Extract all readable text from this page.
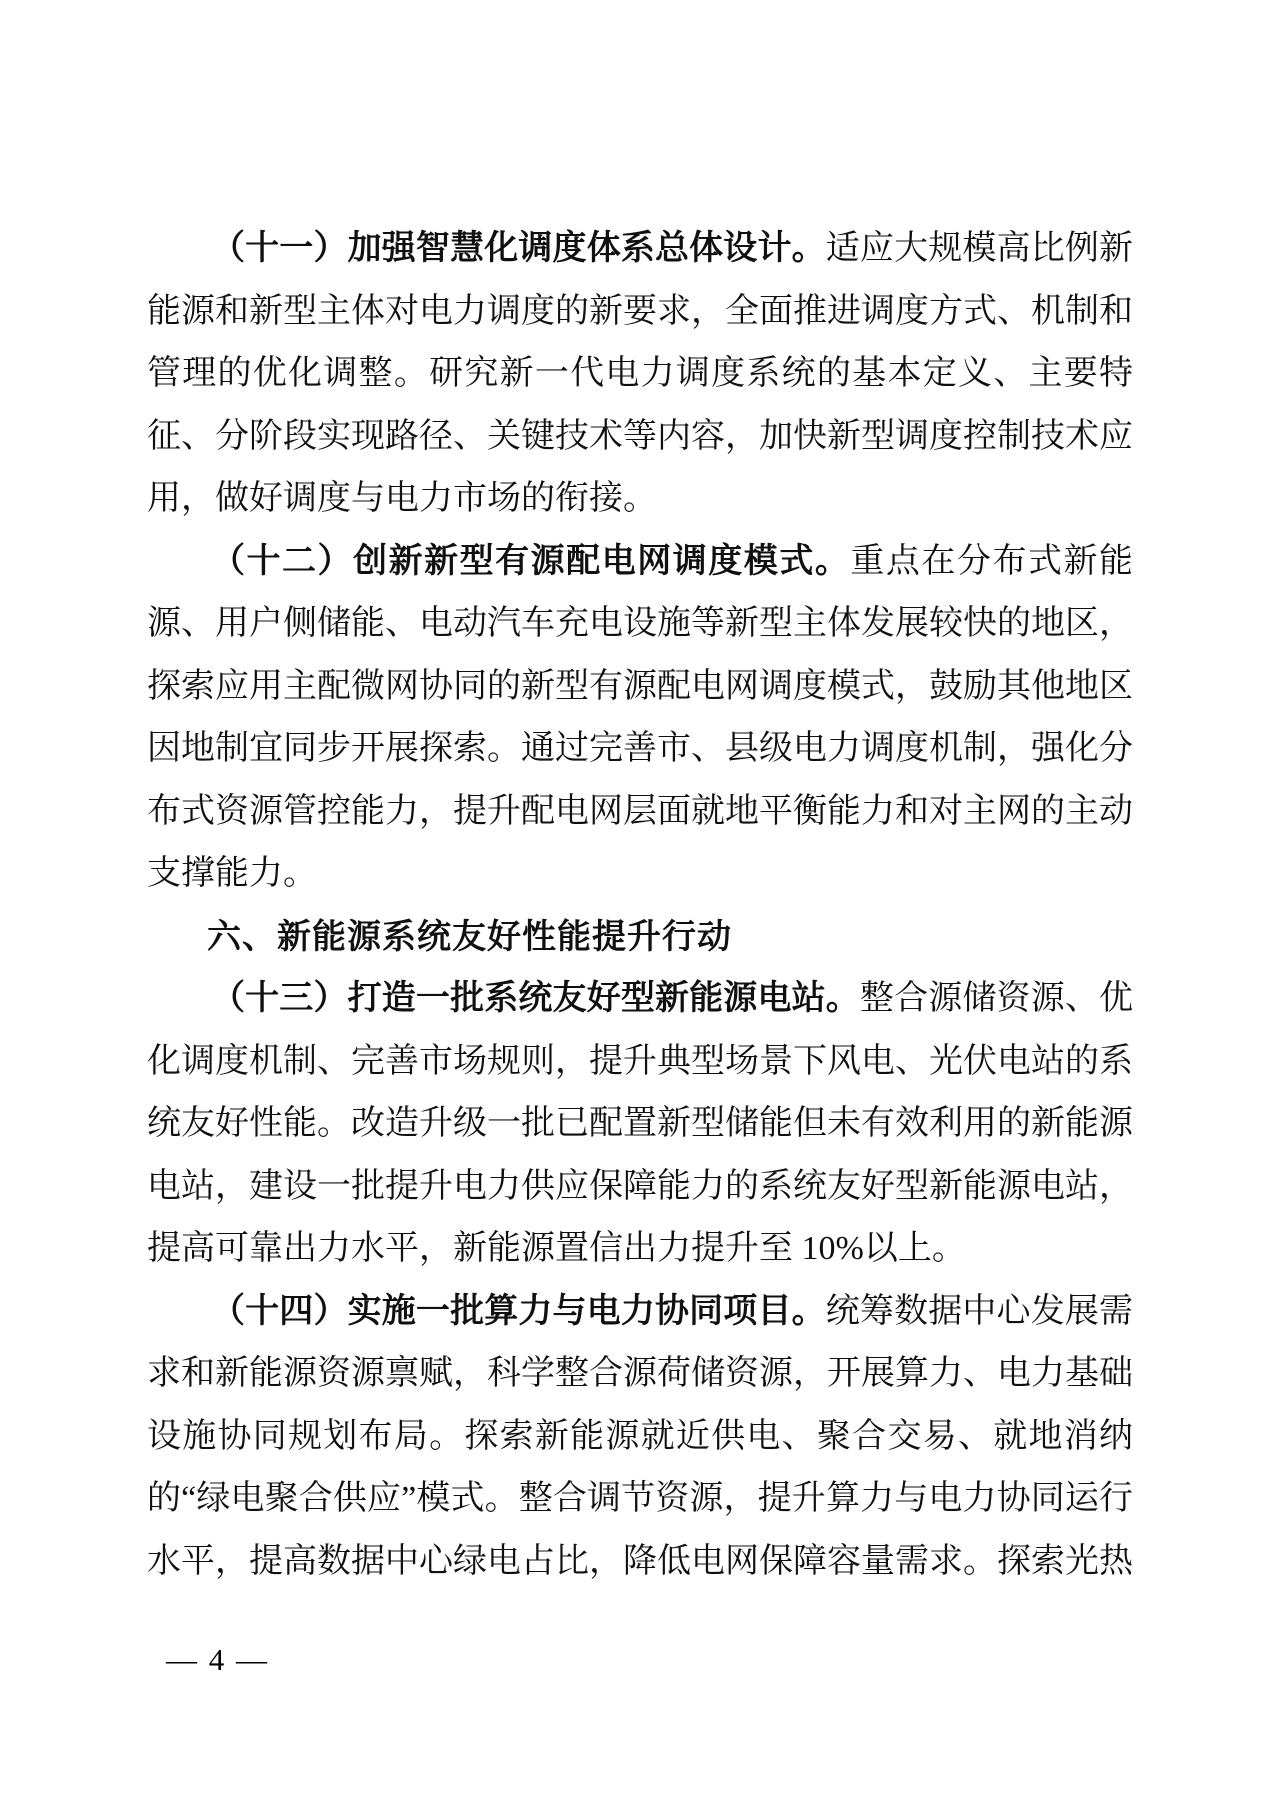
（十一）加强智慧化调度体系总体设计。适应大规模高比例新能源和新型主体对电力调度的新要求，全面推进调度方式、机制和管理的优化调整。研究新一代电力调度系统的基本定义、主要特征、分阶段实现路径、关键技术等内容，加快新型调度控制技术应用，做好调度与电力市场的衔接。

（十二）创新新型有源配电网调度模式。重点在分布式新能源、用户侧储能、电动汽车充电设施等新型主体发展较快的地区，探索应用主配微网协同的新型有源配电网调度模式，鼓励其他地区因地制宜同步开展探索。通过完善市、县级电力调度机制，强化分布式资源管控能力，提升配电网层面就地平衡能力和对主网的主动支撑能力。

六、新能源系统友好性能提升行动

（十三）打造一批系统友好型新能源电站。整合源储资源、优化调度机制、完善市场规则，提升典型场景下风电、光伏电站的系统友好性能。改造升级一批已配置新型储能但未有效利用的新能源电站，建设一批提升电力供应保障能力的系统友好型新能源电站，提高可靠出力水平，新能源置信出力提升至 10%以上。

（十四）实施一批算力与电力协同项目。统筹数据中心发展需求和新能源资源禀赋，科学整合源荷储资源，开展算力、电力基础设施协同规划布局。探索新能源就近供电、聚合交易、就地消纳的“绿电聚合供应”模式。整合调节资源，提升算力与电力协同运行水平，提高数据中心绿电占比，降低电网保障容量需求。探索光热

— 4 —
